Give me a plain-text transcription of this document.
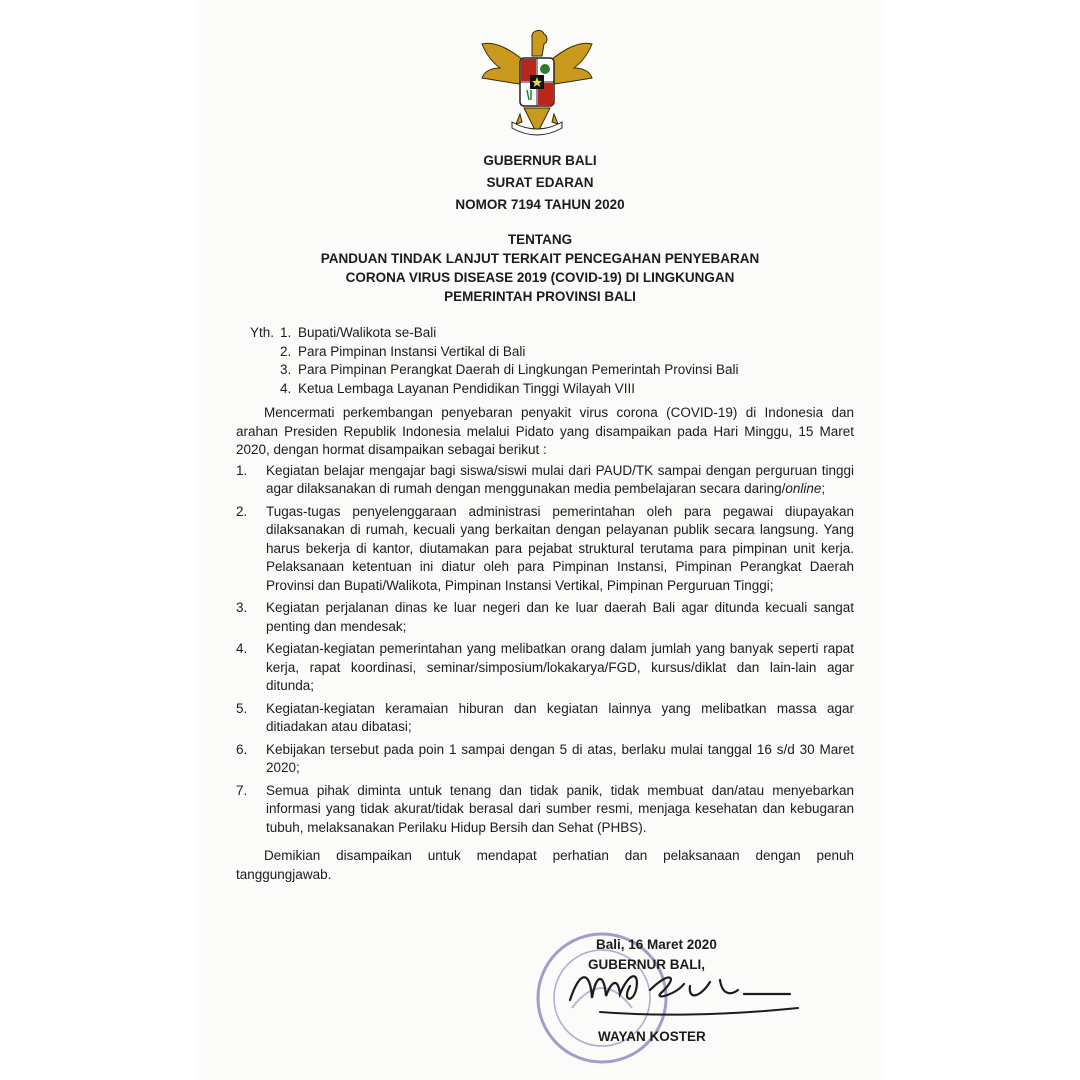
GUBERNUR BALI
SURAT EDARAN
NOMOR 7194 TAHUN 2020
TENTANG
PANDUAN TINDAK LANJUT TERKAIT PENCEGAHAN PENYEBARAN
CORONA VIRUS DISEASE 2019 (COVID-19) DI LINGKUNGAN
PEMERINTAH PROVINSI BALI
Yth. 1. Bupati/Walikota se-Bali
2. Para Pimpinan Instansi Vertikal di Bali
3. Para Pimpinan Perangkat Daerah di Lingkungan Pemerintah Provinsi Bali
4. Ketua Lembaga Layanan Pendidikan Tinggi Wilayah VIII

Mencermati perkembangan penyebaran penyakit virus corona (COVID-19) di Indonesia dan arahan Presiden Republik Indonesia melalui Pidato yang disampaikan pada Hari Minggu, 15 Maret 2020, dengan hormat disampaikan sebagai berikut :

1.	Kegiatan belajar mengajar bagi siswa/siswi mulai dari PAUD/TK sampai dengan perguruan tinggi agar dilaksanakan di rumah dengan menggunakan media pembelajaran secara daring/online;
2.	Tugas-tugas penyelenggaraan administrasi pemerintahan oleh para pegawai diupayakan dilaksanakan di rumah, kecuali yang berkaitan dengan pelayanan publik secara langsung. Yang harus bekerja di kantor, diutamakan para pejabat struktural terutama para pimpinan unit kerja. Pelaksanaan ketentuan ini diatur oleh para Pimpinan Instansi, Pimpinan Perangkat Daerah Provinsi dan Bupati/Walikota, Pimpinan Instansi Vertikal, Pimpinan Perguruan Tinggi;
3.	Kegiatan perjalanan dinas ke luar negeri dan ke luar daerah Bali agar ditunda kecuali sangat penting dan mendesak;
4.	Kegiatan-kegiatan pemerintahan yang melibatkan orang dalam jumlah yang banyak seperti rapat kerja, rapat koordinasi, seminar/simposium/lokakarya/FGD, kursus/diklat dan lain-lain agar ditunda;
5.	Kegiatan-kegiatan keramaian hiburan dan kegiatan lainnya yang melibatkan massa agar ditiadakan atau dibatasi;
6.	Kebijakan tersebut pada poin 1 sampai dengan 5 di atas, berlaku mulai tanggal 16 s/d 30 Maret 2020;
7.	Semua pihak diminta untuk tenang dan tidak panik, tidak membuat dan/atau menyebarkan informasi yang tidak akurat/tidak berasal dari sumber resmi, menjaga kesehatan dan kebugaran tubuh, melaksanakan Perilaku Hidup Bersih dan Sehat (PHBS).

Demikian disampaikan untuk mendapat perhatian dan pelaksanaan dengan penuh tanggungjawab.

Bali, 16 Maret 2020
GUBERNUR BALI,
WAYAN KOSTER
